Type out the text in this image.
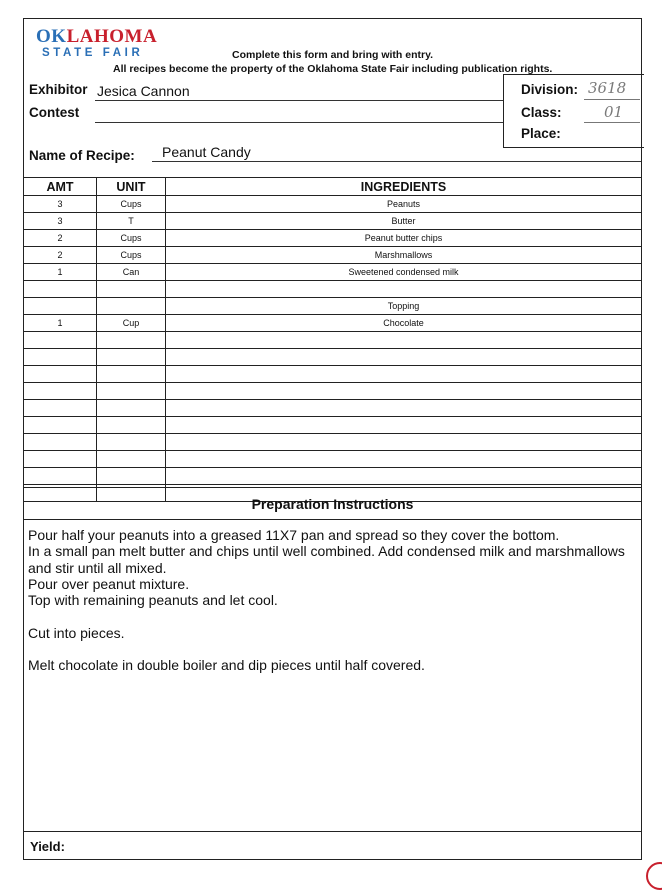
OKLAHOMA
STATE FAIR	Complete this form and bring with entry.
All recipes become the property of the Oklahoma State Fair including publication rights.
Exhibitor Jesica Cannon
Contest
Division: 3618
Class:	01
Place:
Name of Recipe: Peanut Candy
AMT	UNIT	INGREDIENTS
3	Cups	Peanuts
3	T	Butter
2	Cups	Peanut butter chips
2	Cups	Marshmallows
1	Can	Sweetened condensed milk
Topping
1	Cup	Chocolate
Preparation Instructions

Pour half your peanuts into a greased 11X7 pan and spread so they cover the bottom.

In a small pan melt butter and chips until well combined. Add condensed milk and marshmallows and stir until all mixed.

Pour over peanut mixture.

Top with remaining peanuts and let cool.

Cut into pieces.

Melt chocolate in double boiler and dip pieces until half covered.

Yield:
